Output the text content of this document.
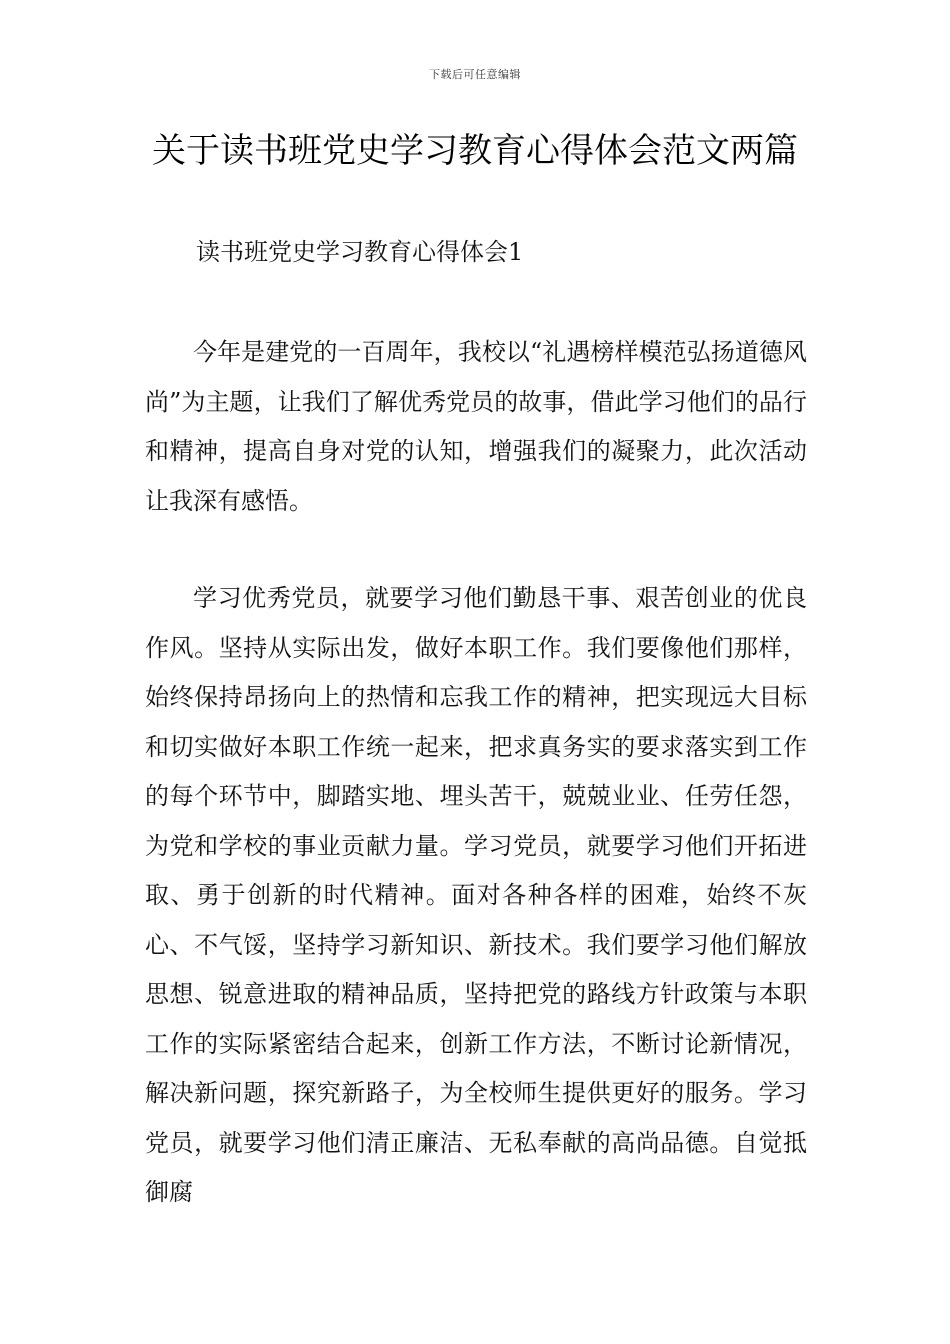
下载后可任意编辑
关于读书班党史学习教育心得体会范文两篇
读书班党史学习教育心得体会1

今年是建党的一百周年，我校以“礼遇榜样模范弘扬道德风尚”为主题，让我们了解优秀党员的故事，借此学习他们的品行和精神，提高自身对党的认知，增强我们的凝聚力，此次活动让我深有感悟。

学习优秀党员，就要学习他们勤恳干事、艰苦创业的优良作风。坚持从实际出发，做好本职工作。我们要像他们那样，始终保持昂扬向上的热情和忘我工作的精神，把实现远大目标和切实做好本职工作统一起来，把求真务实的要求落实到工作的每个环节中，脚踏实地、埋头苦干，兢兢业业、任劳任怨，为党和学校的事业贡献力量。学习党员，就要学习他们开拓进取、勇于创新的时代精神。面对各种各样的困难，始终不灰心、不气馁，坚持学习新知识、新技术。我们要学习他们解放思想、锐意进取的精神品质，坚持把党的路线方针政策与本职工作的实际紧密结合起来，创新工作方法，不断讨论新情况，解决新问题，探究新路子，为全校师生提供更好的服务。学习党员，就要学习他们清正廉洁、无私奉献的高尚品德。自觉抵御腐
